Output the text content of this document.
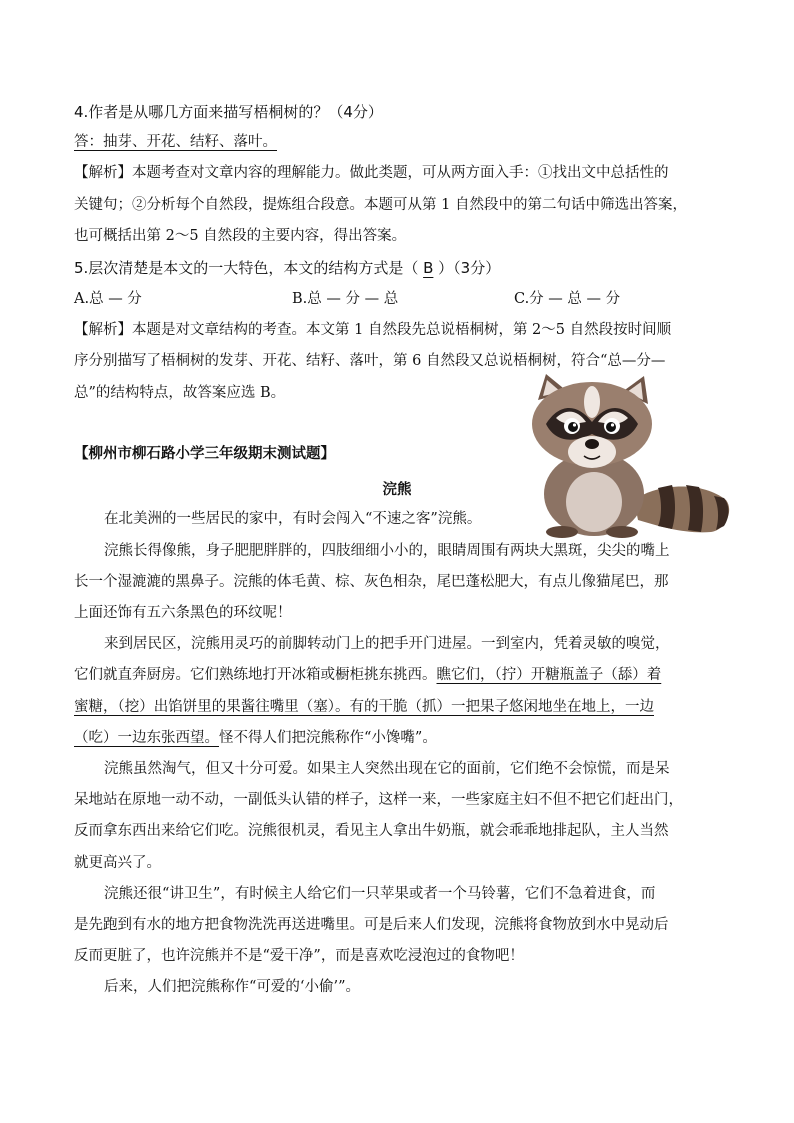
4.作者是从哪几方面来描写梧桐树的？（4分）
答：抽芽、开花、结籽、落叶。
【解析】本题考查对文章内容的理解能力。做此类题，可从两方面入手：①找出文中总括性的
关键句；②分析每个自然段，提炼组合段意。本题可从第 1 自然段中的第二句话中筛选出答案，
也可概括出第 2～5 自然段的主要内容，得出答案。
5.层次清楚是本文的一大特色，本文的结构方式是（ B ）（3分）
A.总 — 分	B.总 — 分 — 总	C.分 — 总 — 分
【解析】本题是对文章结构的考查。本文第 1 自然段先总说梧桐树，第 2～5 自然段按时间顺
序分别描写了梧桐树的发芽、开花、结籽、落叶，第 6 自然段又总说梧桐树，符合“总—分—
总”的结构特点，故答案应选 B。
【柳州市柳石路小学三年级期末测试题】
浣熊
在北美洲的一些居民的家中，有时会闯入“不速之客”浣熊。
浣熊长得像熊，身子肥肥胖胖的，四肢细细小小的，眼睛周围有两块大黑斑，尖尖的嘴上
长一个湿漉漉的黑鼻子。浣熊的体毛黄、棕、灰色相杂，尾巴蓬松肥大，有点儿像猫尾巴，那
上面还饰有五六条黑色的环纹呢！
来到居民区，浣熊用灵巧的前脚转动门上的把手开门进屋。一到室内，凭着灵敏的嗅觉，
它们就直奔厨房。它们熟练地打开冰箱或橱柜挑东挑西。瞧它们，（拧）开糖瓶盖子（舔）着
蜜糖，（挖）出馅饼里的果酱往嘴里（塞）。有的干脆（抓）一把果子悠闲地坐在地上，一边
（吃）一边东张西望。怪不得人们把浣熊称作“小馋嘴”。
浣熊虽然淘气，但又十分可爱。如果主人突然出现在它的面前，它们绝不会惊慌，而是呆
呆地站在原地一动不动，一副低头认错的样子，这样一来，一些家庭主妇不但不把它们赶出门，
反而拿东西出来给它们吃。浣熊很机灵，看见主人拿出牛奶瓶，就会乖乖地排起队，主人当然
就更高兴了。
浣熊还很“讲卫生”，有时候主人给它们一只苹果或者一个马铃薯，它们不急着进食，而
是先跑到有水的地方把食物洗洗再送进嘴里。可是后来人们发现，浣熊将食物放到水中晃动后
反而更脏了，也许浣熊并不是“爱干净”，而是喜欢吃浸泡过的食物吧！
后来，人们把浣熊称作“可爱的‘小偷’”。
